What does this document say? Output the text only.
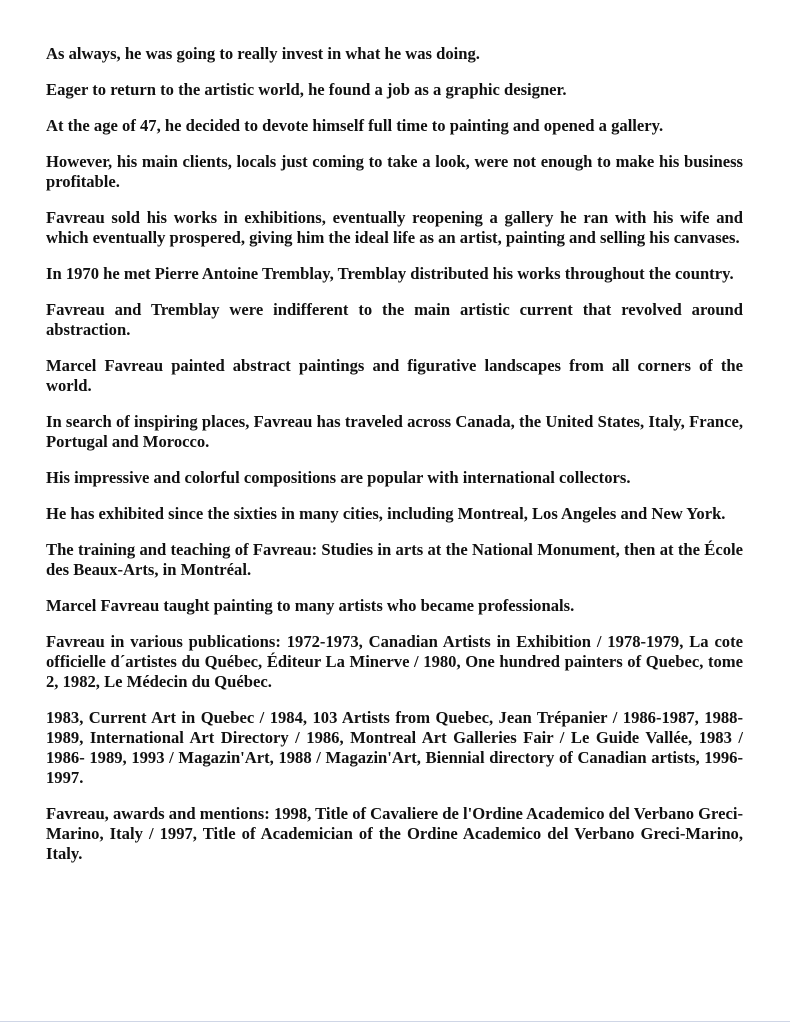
As always, he was going to really invest in what he was doing.

Eager to return to the artistic world, he found a job as a graphic designer.

At the age of 47, he decided to devote himself full time to painting and opened a gallery.

However, his main clients, locals just coming to take a look, were not enough to make his business profitable.

Favreau sold his works in exhibitions, eventually reopening a gallery he ran with his wife and which eventually prospered, giving him the ideal life as an artist, painting and selling his canvases.

In 1970 he met Pierre Antoine Tremblay, Tremblay distributed his works throughout the country.

Favreau and Tremblay were indifferent to the main artistic current that revolved around abstraction.

Marcel Favreau painted abstract paintings and figurative landscapes from all corners of the world.

In search of inspiring places, Favreau has traveled across Canada, the United States, Italy, France, Portugal and Morocco.

His impressive and colorful compositions are popular with international collectors.

He has exhibited since the sixties in many cities, including Montreal, Los Angeles and New York.

The training and teaching of Favreau: Studies in arts at the National Monument, then at the École des Beaux-Arts, in Montréal.

Marcel Favreau taught painting to many artists who became professionals.

Favreau in various publications: 1972-1973, Canadian Artists in Exhibition / 1978-1979, La cote officielle d´artistes du Québec, Éditeur La Minerve / 1980, One hundred painters of Quebec, tome 2, 1982, Le Médecin du Québec.

1983, Current Art in Quebec / 1984, 103 Artists from Quebec, Jean Trépanier / 1986-1987, 1988-1989, International Art Directory / 1986, Montreal Art Galleries Fair / Le Guide Vallée, 1983 / 1986- 1989, 1993 / Magazin'Art, 1988 / Magazin'Art, Biennial directory of Canadian artists, 1996-1997.

Favreau, awards and mentions: 1998, Title of Cavaliere de l'Ordine Academico del Verbano Greci-Marino, Italy / 1997, Title of Academician of the Ordine Academico del Verbano Greci-Marino, Italy.
